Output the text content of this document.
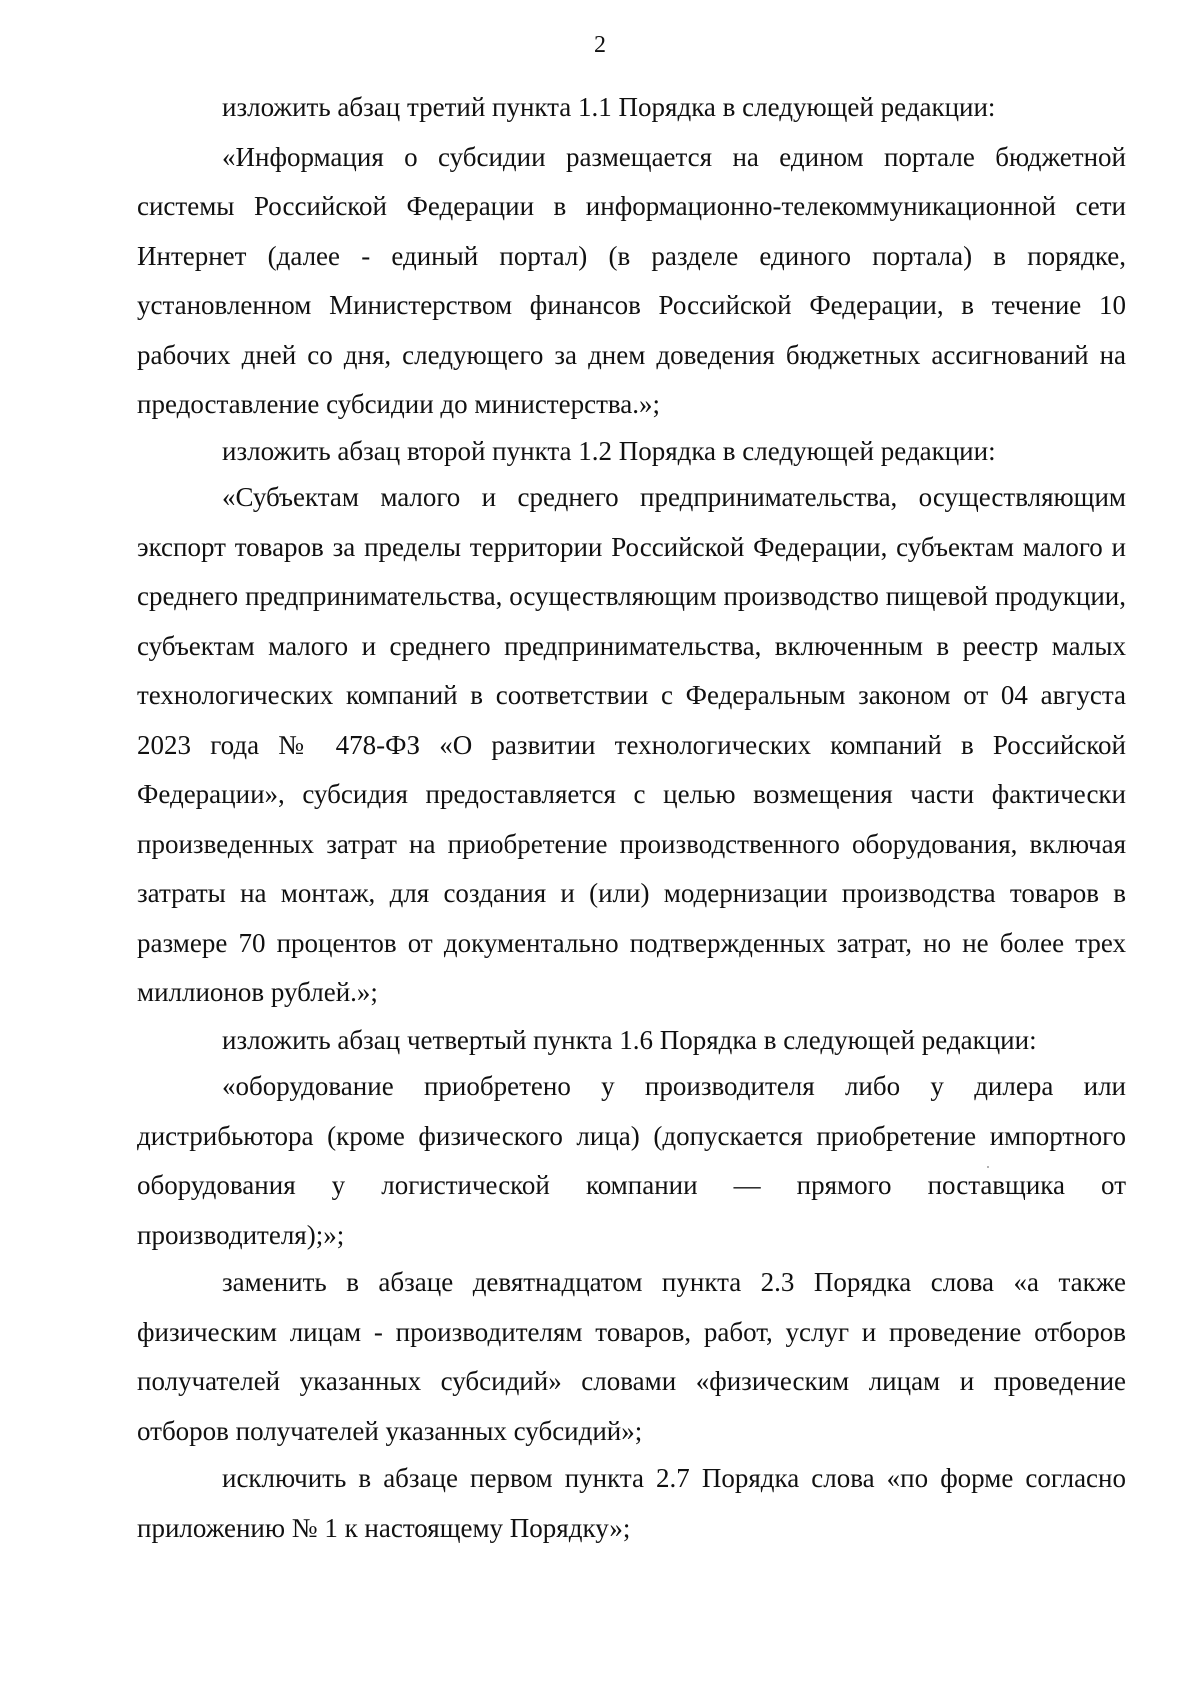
2

изложить абзац третий пункта 1.1 Порядка в следующей редакции:

«Информация о субсидии размещается на едином портале бюджетной системы Российской Федерации в информационно-телекоммуникационной сети Интернет (далее - единый портал) (в разделе единого портала) в порядке, установленном Министерством финансов Российской Федерации, в течение 10 рабочих дней со дня, следующего за днем доведения бюджетных ассигнований на предоставление субсидии до министерства.»;

изложить абзац второй пункта 1.2 Порядка в следующей редакции:

«Субъектам малого и среднего предпринимательства, осуществляющим экспорт товаров за пределы территории Российской Федерации, субъектам малого и среднего предпринимательства, осуществляющим производство пищевой продукции, субъектам малого и среднего предпринимательства, включенным в реестр малых технологических компаний в соответствии с Федеральным законом от 04 августа 2023 года № 478-ФЗ «О развитии технологических компаний в Российской Федерации», субсидия предоставляется с целью возмещения части фактически произведенных затрат на приобретение производственного оборудования, включая затраты на монтаж, для создания и (или) модернизации производства товаров в размере 70 процентов от документально подтвержденных затрат, но не более трех миллионов рублей.»;

изложить абзац четвертый пункта 1.6 Порядка в следующей редакции:

«оборудование приобретено у производителя либо у дилера или дистрибьютора (кроме физического лица) (допускается приобретение импортного оборудования у логистической компании — прямого поставщика от производителя);»;

заменить в абзаце девятнадцатом пункта 2.3 Порядка слова «а также физическим лицам - производителям товаров, работ, услуг и проведение отборов получателей указанных субсидий» словами «физическим лицам и проведение отборов получателей указанных субсидий»;

исключить в абзаце первом пункта 2.7 Порядка слова «по форме согласно приложению № 1 к настоящему Порядку»;
